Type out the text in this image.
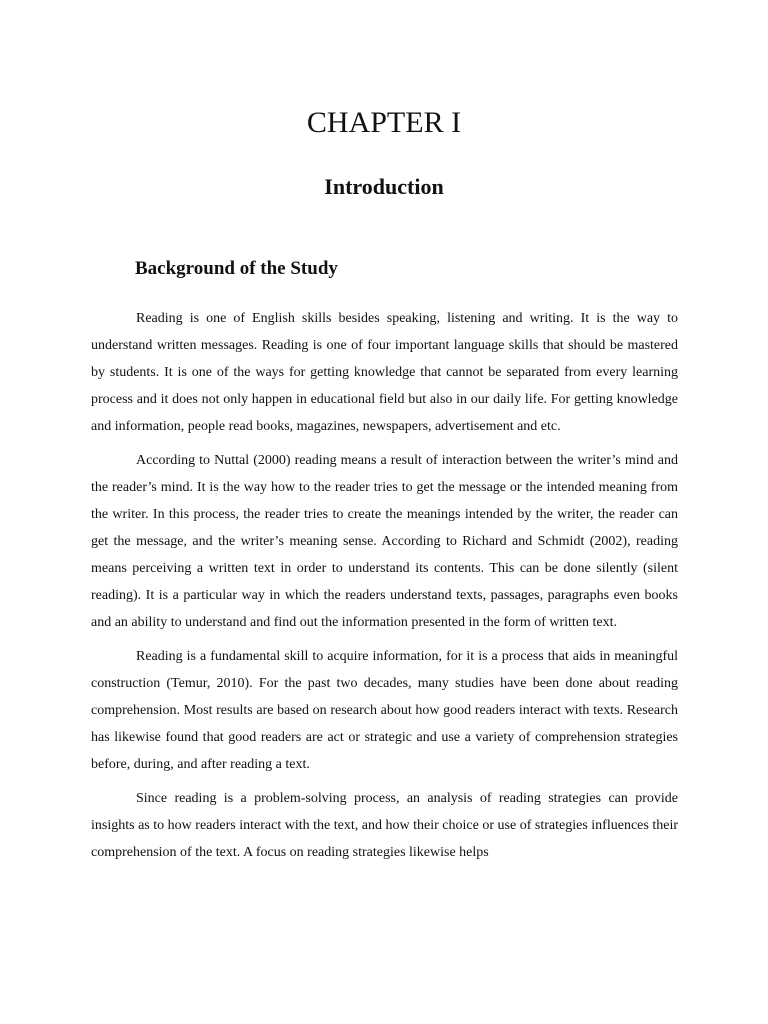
CHAPTER I
Introduction
Background of the Study

Reading is one of English skills besides speaking, listening and writing. It is the way to understand written messages. Reading is one of four important language skills that should be mastered by students. It is one of the ways for getting knowledge that cannot be separated from every learning process and it does not only happen in educational field but also in our daily life. For getting knowledge and information, people read books, magazines, newspapers, advertisement and etc.

According to Nuttal (2000) reading means a result of interaction between the writer’s mind and the reader’s mind. It is the way how to the reader tries to get the message or the intended meaning from the writer. In this process, the reader tries to create the meanings intended by the writer, the reader can get the message, and the writer’s meaning sense. According to Richard and Schmidt (2002), reading means perceiving a written text in order to understand its contents. This can be done silently (silent reading). It is a particular way in which the readers understand texts, passages, paragraphs even books and an ability to understand and find out the information presented in the form of written text.

Reading is a fundamental skill to acquire information, for it is a process that aids in meaningful construction (Temur, 2010). For the past two decades, many studies have been done about reading comprehension. Most results are based on research about how good readers interact with texts. Research has likewise found that good readers are act or strategic and use a variety of comprehension strategies before, during, and after reading a text.

Since reading is a problem-solving process, an analysis of reading strategies can provide insights as to how readers interact with the text, and how their choice or use of strategies influences their comprehension of the text. A focus on reading strategies likewise helps
